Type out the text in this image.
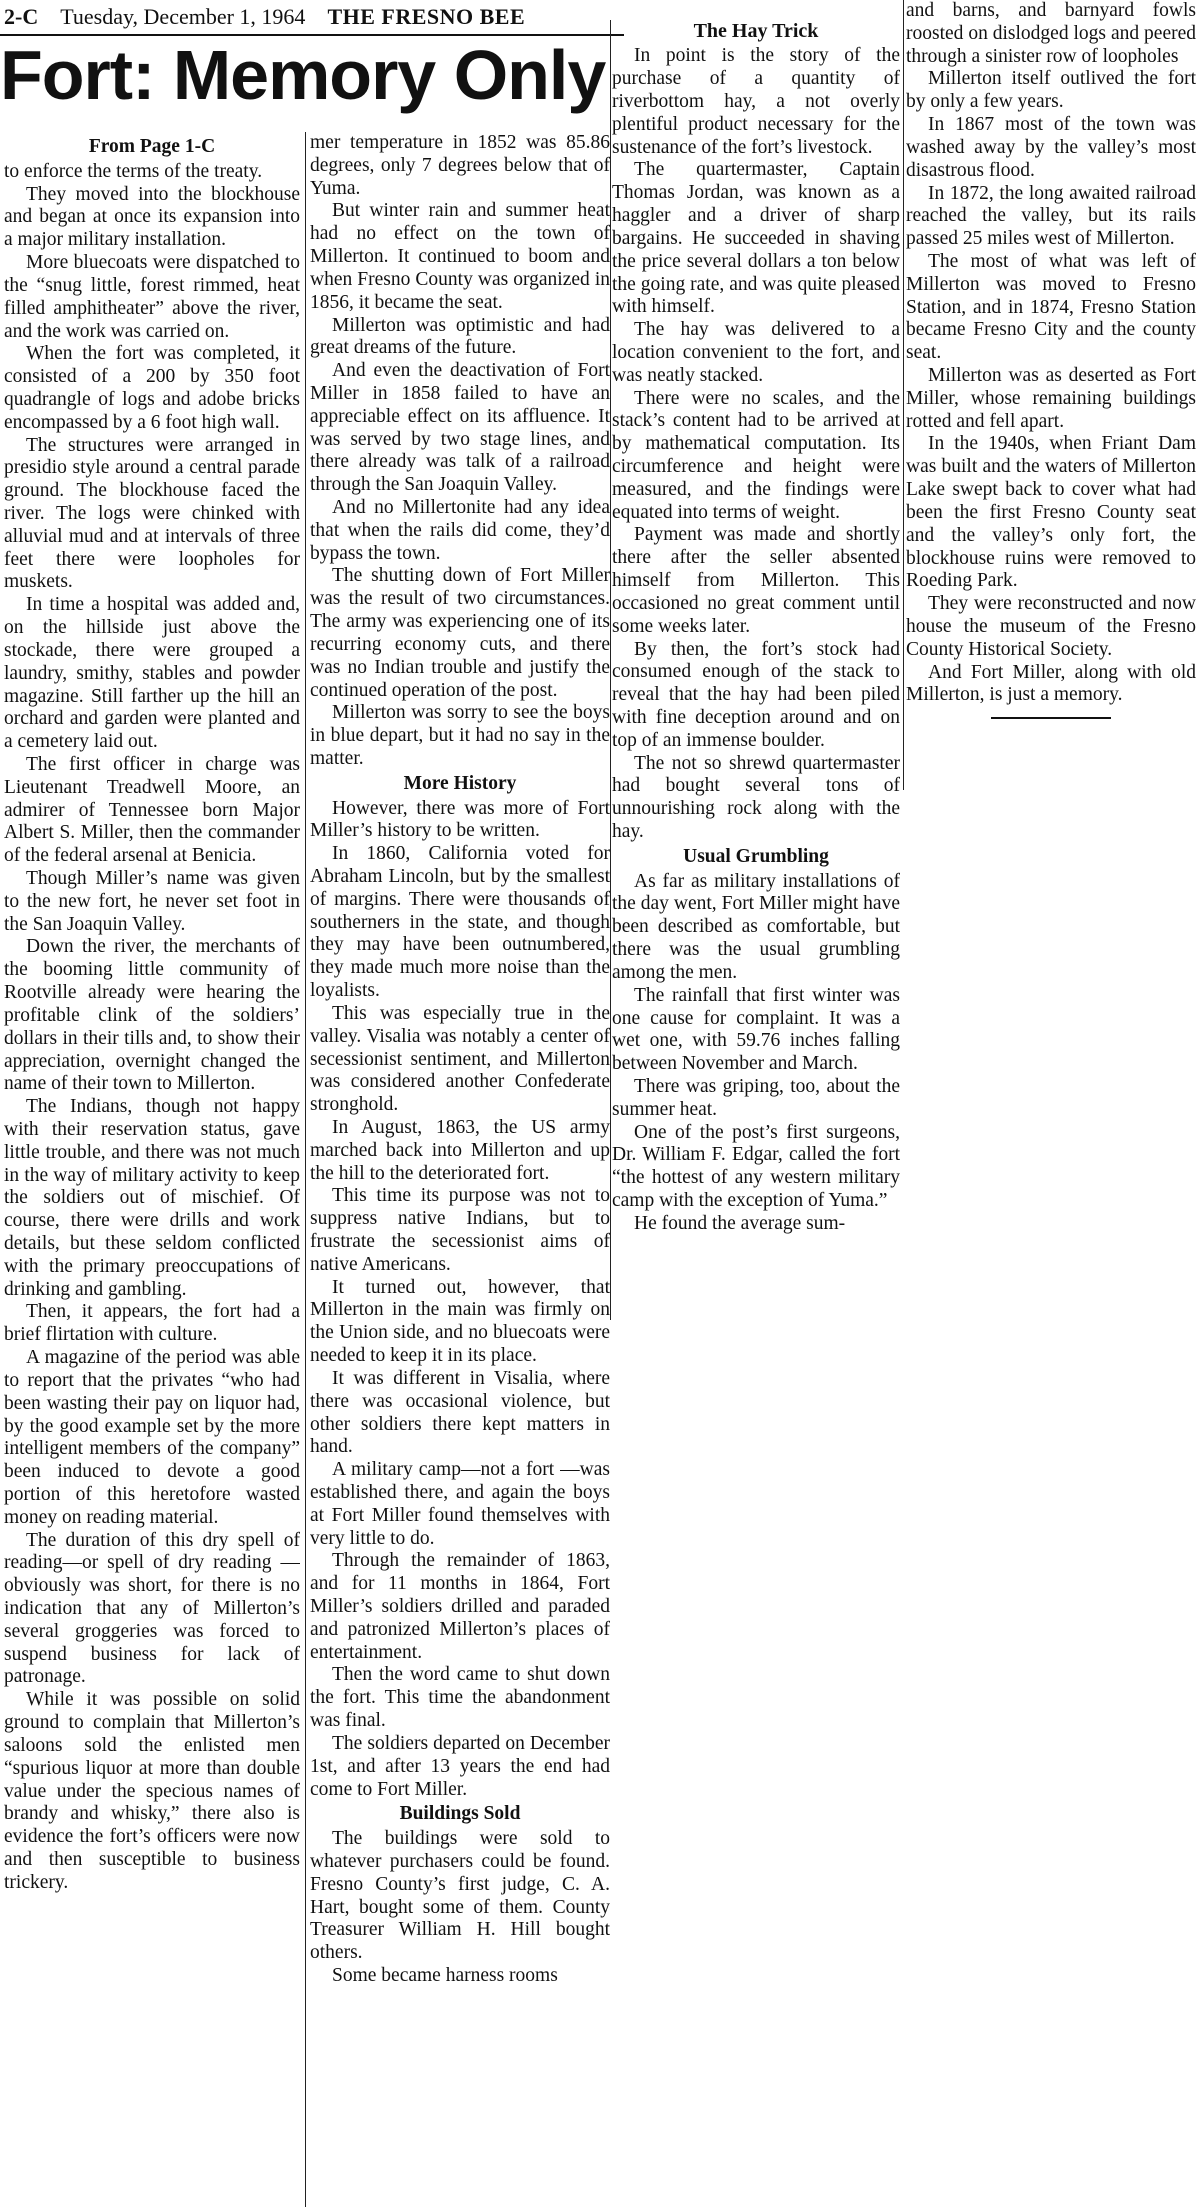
2-C Tuesday, December 1, 1964 THE FRESNO BEE
Fort: Memory Only
From Page 1-C

to enforce the terms of the treaty.

They moved into the blockhouse and began at once its expansion into a major military installation.

More bluecoats were dispatched to the “snug little, forest rimmed, heat filled amphitheater” above the river, and the work was carried on.

When the fort was completed, it consisted of a 200 by 350 foot quadrangle of logs and adobe bricks encompassed by a 6 foot high wall.

The structures were arranged in presidio style around a central parade ground. The blockhouse faced the river. The logs were chinked with alluvial mud and at intervals of three feet there were loopholes for muskets.

In time a hospital was added and, on the hillside just above the stockade, there were grouped a laundry, smithy, stables and powder magazine. Still farther up the hill an orchard and garden were planted and a cemetery laid out.

The first officer in charge was Lieutenant Treadwell Moore, an admirer of Tennessee born Major Albert S. Miller, then the commander of the federal arsenal at Benicia.

Though Miller’s name was given to the new fort, he never set foot in the San Joaquin Valley.

Down the river, the merchants of the booming little community of Rootville already were hearing the profitable clink of the soldiers’ dollars in their tills and, to show their appreciation, overnight changed the name of their town to Millerton.

The Indians, though not happy with their reservation status, gave little trouble, and there was not much in the way of military activity to keep the soldiers out of mischief. Of course, there were drills and work details, but these seldom conflicted with the primary preoccupations of drinking and gambling.

Then, it appears, the fort had a brief flirtation with culture.

A magazine of the period was able to report that the privates “who had been wasting their pay on liquor had, by the good example set by the more intelligent members of the company” been induced to devote a good portion of this heretofore wasted money on reading material.

The duration of this dry spell of reading—or spell of dry reading — obviously was short, for there is no indication that any of Millerton’s several groggeries was forced to suspend business for lack of patronage.

While it was possible on solid ground to complain that Millerton’s saloons sold the enlisted men “spurious liquor at more than double value under the specious names of brandy and whisky,” there also is evidence the fort’s officers were now and then susceptible to business trickery.

mer temperature in 1852 was 85.86 degrees, only 7 degrees below that of Yuma.

But winter rain and summer heat had no effect on the town of Millerton. It continued to boom and when Fresno County was organized in 1856, it became the seat.

Millerton was optimistic and had great dreams of the future.

And even the deactivation of Fort Miller in 1858 failed to have an appreciable effect on its affluence. It was served by two stage lines, and there already was talk of a railroad through the San Joaquin Valley.

And no Millertonite had any idea that when the rails did come, they’d bypass the town.

The shutting down of Fort Miller was the result of two circumstances. The army was experiencing one of its recurring economy cuts, and there was no Indian trouble and justify the continued operation of the post.

Millerton was sorry to see the boys in blue depart, but it had no say in the matter.

More History

However, there was more of Fort Miller’s history to be written.

In 1860, California voted for Abraham Lincoln, but by the smallest of margins. There were thousands of southerners in the state, and though they may have been outnumbered, they made much more noise than the loyalists.

This was especially true in the valley. Visalia was notably a center of secessionist sentiment, and Millerton was considered another Confederate stronghold.

In August, 1863, the US army marched back into Millerton and up the hill to the deteriorated fort.

This time its purpose was not to suppress native Indians, but to frustrate the secessionist aims of native Americans.

It turned out, however, that Millerton in the main was firmly on the Union side, and no bluecoats were needed to keep it in its place.

It was different in Visalia, where there was occasional violence, but other soldiers there kept matters in hand.

A military camp—not a fort —was established there, and again the boys at Fort Miller found themselves with very little to do.

Through the remainder of 1863, and for 11 months in 1864, Fort Miller’s soldiers drilled and paraded and patronized Millerton’s places of entertainment.

Then the word came to shut down the fort. This time the abandonment was final.

The soldiers departed on December 1st, and after 13 years the end had come to Fort Miller.

Buildings Sold

The buildings were sold to whatever purchasers could be found. Fresno County’s first judge, C. A. Hart, bought some of them. County Treasurer William H. Hill bought others.

Some became harness rooms

The Hay Trick

In point is the story of the purchase of a quantity of riverbottom hay, a not overly plentiful product necessary for the sustenance of the fort’s livestock.

The quartermaster, Captain Thomas Jordan, was known as a haggler and a driver of sharp bargains. He succeeded in shaving the price several dollars a ton below the going rate, and was quite pleased with himself.

The hay was delivered to a location convenient to the fort, and was neatly stacked.

There were no scales, and the stack’s content had to be arrived at by mathematical computation. Its circumference and height were measured, and the findings were equated into terms of weight.

Payment was made and shortly there after the seller absented himself from Millerton. This occasioned no great comment until some weeks later.

By then, the fort’s stock had consumed enough of the stack to reveal that the hay had been piled with fine deception around and on top of an immense boulder.

The not so shrewd quartermaster had bought several tons of unnourishing rock along with the hay.

Usual Grumbling

As far as military installations of the day went, Fort Miller might have been described as comfortable, but there was the usual grumbling among the men.

The rainfall that first winter was one cause for complaint. It was a wet one, with 59.76 inches falling between November and March.

There was griping, too, about the summer heat.

One of the post’s first surgeons, Dr. William F. Edgar, called the fort “the hottest of any western military camp with the exception of Yuma.”

He found the average sum-

and barns, and barnyard fowls roosted on dislodged logs and peered through a sinister row of loopholes

Millerton itself outlived the fort by only a few years.

In 1867 most of the town was washed away by the valley’s most disastrous flood.

In 1872, the long awaited railroad reached the valley, but its rails passed 25 miles west of Millerton.

The most of what was left of Millerton was moved to Fresno Station, and in 1874, Fresno Station became Fresno City and the county seat.

Millerton was as deserted as Fort Miller, whose remaining buildings rotted and fell apart.

In the 1940s, when Friant Dam was built and the waters of Millerton Lake swept back to cover what had been the first Fresno County seat and the valley’s only fort, the blockhouse ruins were removed to Roeding Park.

They were reconstructed and now house the museum of the Fresno County Historical Society.

And Fort Miller, along with old Millerton, is just a memory.
